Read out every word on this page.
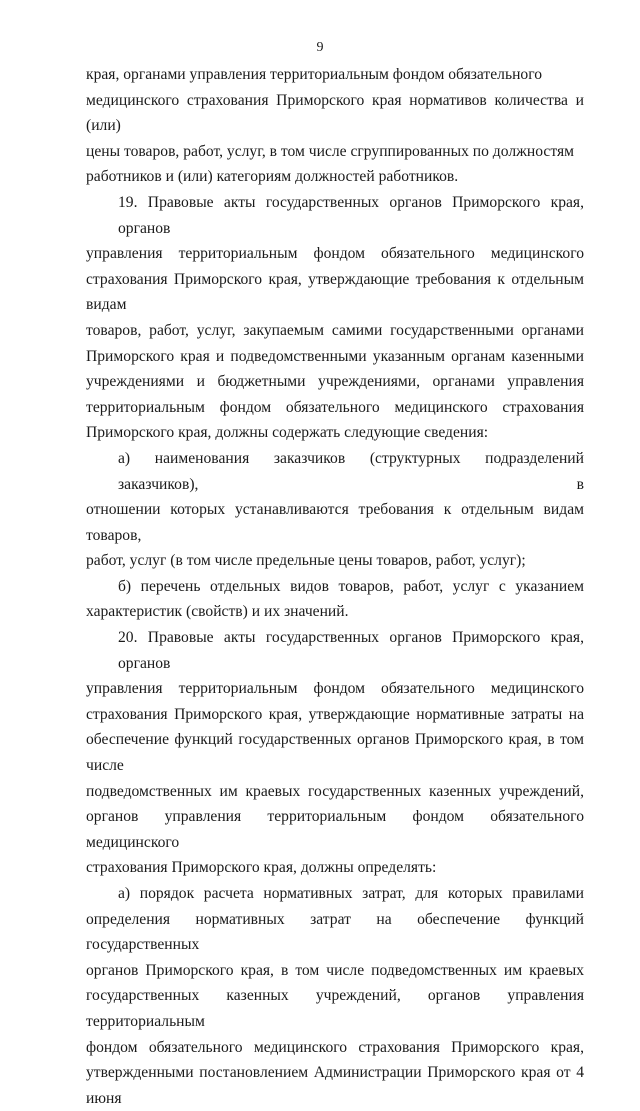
9

края, органами управления территориальным фондом обязательного
медицинского страхования Приморского края нормативов количества и (или)
цены товаров, работ, услуг, в том числе сгруппированных по должностям
работников и (или) категориям должностей работников.

19. Правовые акты государственных органов Приморского края, органов
управления территориальным фондом обязательного медицинского
страхования Приморского края, утверждающие требования к отдельным видам
товаров, работ, услуг, закупаемым самими государственными органами
Приморского края и подведомственными указанным органам казенными
учреждениями и бюджетными учреждениями, органами управления
территориальным фондом обязательного медицинского страхования
Приморского края, должны содержать следующие сведения:

а) наименования заказчиков (структурных подразделений заказчиков), в
отношении которых устанавливаются требования к отдельным видам товаров,
работ, услуг (в том числе предельные цены товаров, работ, услуг);

б) перечень отдельных видов товаров, работ, услуг с указанием
характеристик (свойств) и их значений.

20. Правовые акты государственных органов Приморского края, органов
управления территориальным фондом обязательного медицинского
страхования Приморского края, утверждающие нормативные затраты на
обеспечение функций государственных органов Приморского края, в том числе
подведомственных им краевых государственных казенных учреждений,
органов управления территориальным фондом обязательного медицинского
страхования Приморского края, должны определять:

а) порядок расчета нормативных затрат, для которых правилами
определения нормативных затрат на обеспечение функций государственных
органов Приморского края, в том числе подведомственных им краевых
государственных казенных учреждений, органов управления территориальным
фондом обязательного медицинского страхования Приморского края,
утвержденными постановлением Администрации Приморского края от 4 июня
